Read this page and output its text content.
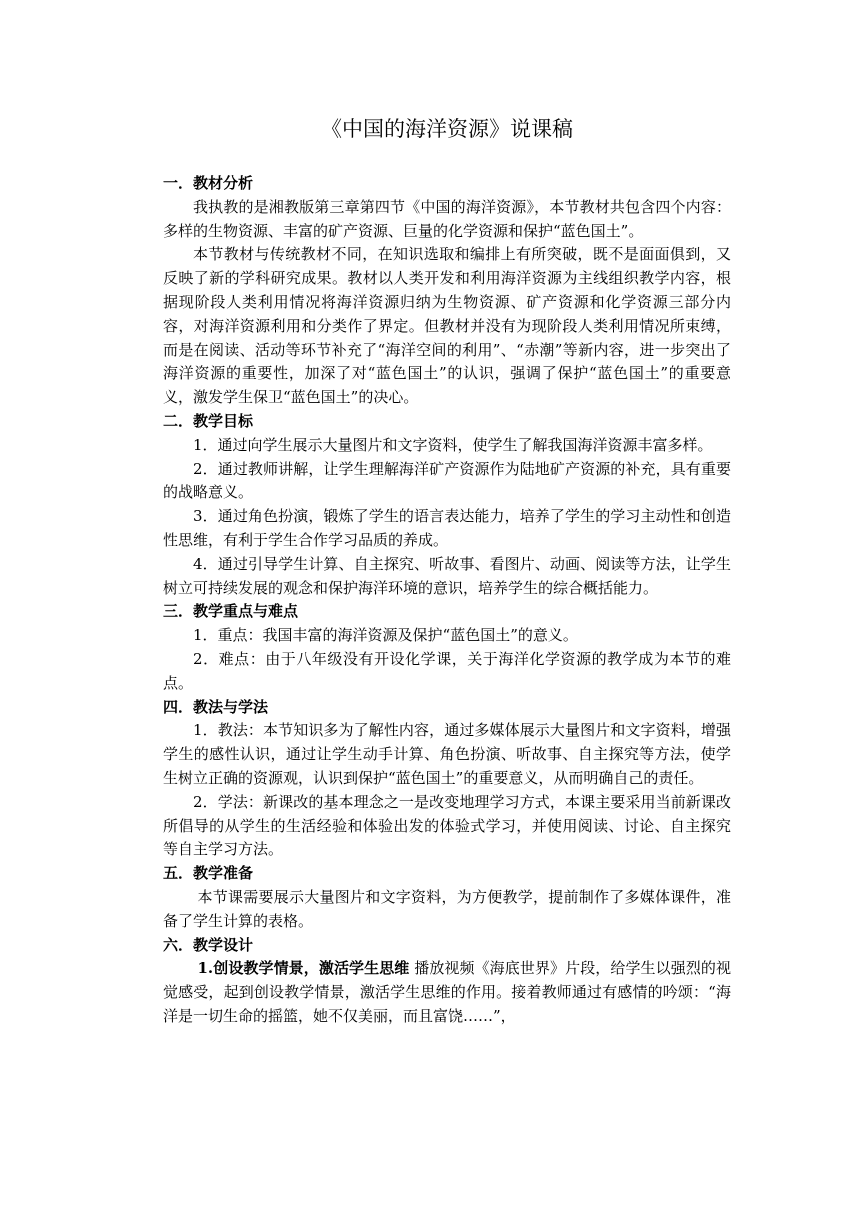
《中国的海洋资源》说课稿

一．教材分析

我执教的是湘教版第三章第四节《中国的海洋资源》，本节教材共包含四个内容：多样的生物资源、丰富的矿产资源、巨量的化学资源和保护“蓝色国土”。

本节教材与传统教材不同，在知识选取和编排上有所突破，既不是面面俱到，又反映了新的学科研究成果。教材以人类开发和利用海洋资源为主线组织教学内容，根据现阶段人类利用情况将海洋资源归纳为生物资源、矿产资源和化学资源三部分内容，对海洋资源利用和分类作了界定。但教材并没有为现阶段人类利用情况所束缚，而是在阅读、活动等环节补充了“海洋空间的利用”、“赤潮”等新内容，进一步突出了海洋资源的重要性，加深了对“蓝色国土”的认识，强调了保护“蓝色国土”的重要意义，激发学生保卫“蓝色国土”的决心。

二．教学目标

1．通过向学生展示大量图片和文字资料，使学生了解我国海洋资源丰富多样。

2．通过教师讲解，让学生理解海洋矿产资源作为陆地矿产资源的补充，具有重要的战略意义。

3．通过角色扮演，锻炼了学生的语言表达能力，培养了学生的学习主动性和创造性思维，有利于学生合作学习品质的养成。

4．通过引导学生计算、自主探究、听故事、看图片、动画、阅读等方法，让学生树立可持续发展的观念和保护海洋环境的意识，培养学生的综合概括能力。

三．教学重点与难点

1．重点：我国丰富的海洋资源及保护“蓝色国土”的意义。

2．难点：由于八年级没有开设化学课，关于海洋化学资源的教学成为本节的难点。

四．教法与学法

1．教法：本节知识多为了解性内容，通过多媒体展示大量图片和文字资料，增强学生的感性认识，通过让学生动手计算、角色扮演、听故事、自主探究等方法，使学生树立正确的资源观，认识到保护“蓝色国土”的重要意义，从而明确自己的责任。

2．学法：新课改的基本理念之一是改变地理学习方式，本课主要采用当前新课改所倡导的从学生的生活经验和体验出发的体验式学习，并使用阅读、讨论、自主探究等自主学习方法。

五．教学准备

本节课需要展示大量图片和文字资料，为方便教学，提前制作了多媒体课件，准备了学生计算的表格。

六．教学设计

1.创设教学情景，激活学生思维 播放视频《海底世界》片段，给学生以强烈的视觉感受，起到创设教学情景，激活学生思维的作用。接着教师通过有感情的吟颂：“海洋是一切生命的摇篮，她不仅美丽，而且富饶……”，
